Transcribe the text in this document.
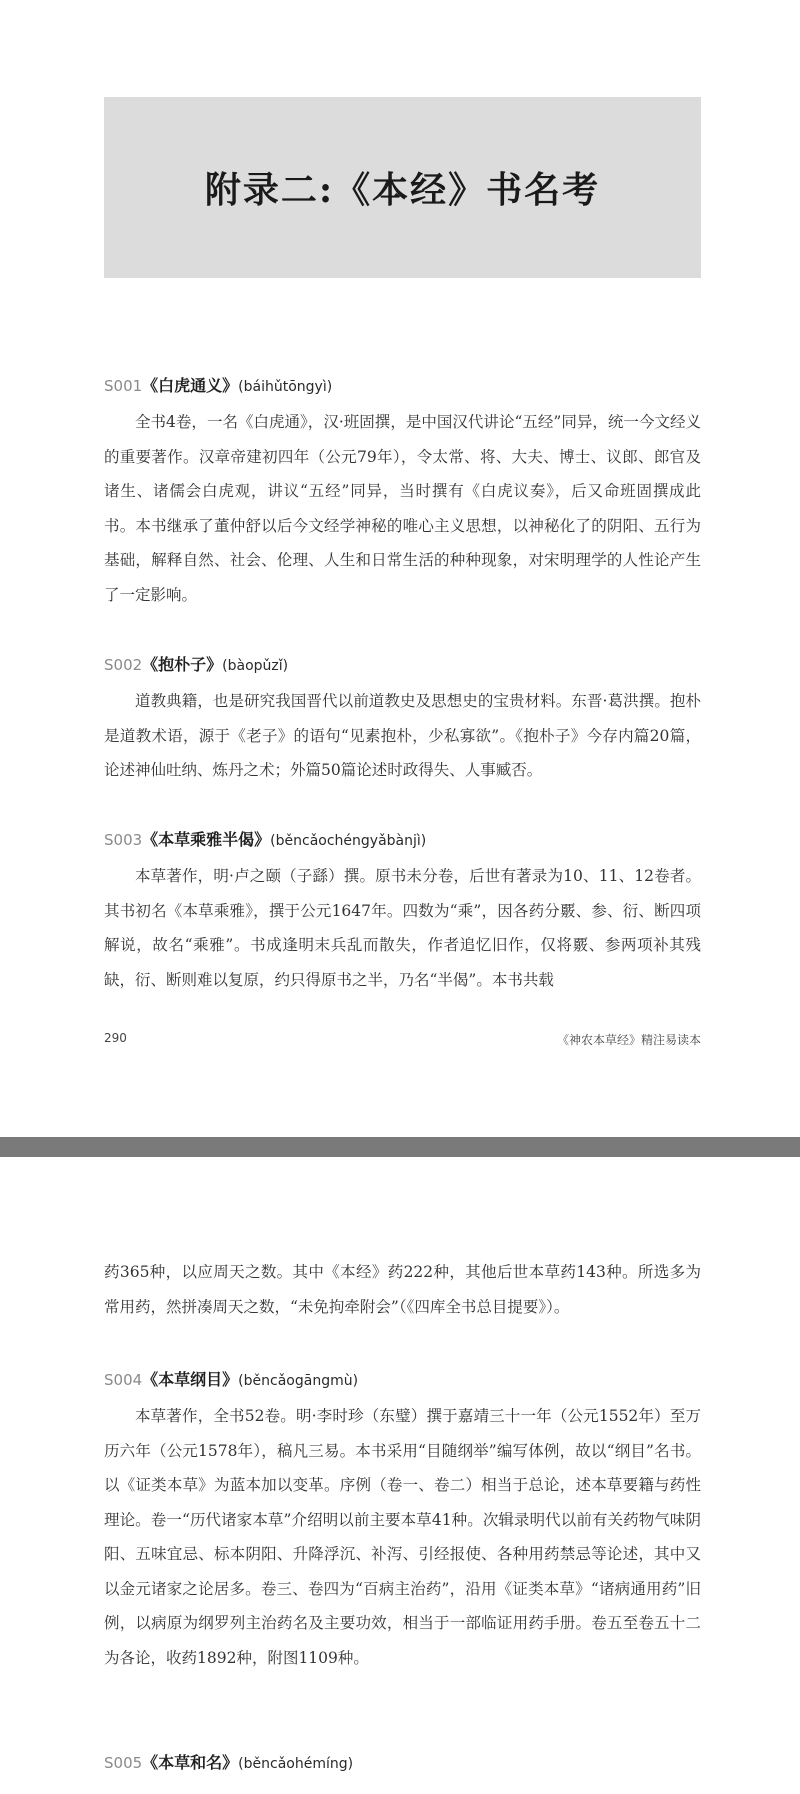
附录二:《本经》书名考
S001《白虎通义》(báihǔtōngyì)

全书4卷，一名《白虎通》，汉·班固撰，是中国汉代讲论“五经”同异，统一今文经义的重要著作。汉章帝建初四年（公元79年），令太常、将、大夫、博士、议郎、郎官及诸生、诸儒会白虎观，讲议“五经”同异，当时撰有《白虎议奏》，后又命班固撰成此书。本书继承了董仲舒以后今文经学神秘的唯心主义思想，以神秘化了的阴阳、五行为基础，解释自然、社会、伦理、人生和日常生活的种种现象，对宋明理学的人性论产生了一定影响。

S002《抱朴子》(bàopǔzǐ)

道教典籍，也是研究我国晋代以前道教史及思想史的宝贵材料。东晋·葛洪撰。抱朴是道教术语，源于《老子》的语句“见素抱朴，少私寡欲”。《抱朴子》今存内篇20篇，论述神仙吐纳、炼丹之术；外篇50篇论述时政得失、人事臧否。

S003《本草乘雅半偈》(běncǎochéngyǎbànjì)

本草著作，明·卢之颐（子繇）撰。原书未分卷，后世有著录为10、11、12卷者。其书初名《本草乘雅》，撰于公元1647年。四数为“乘”，因各药分覈、参、衍、断四项解说，故名“乘雅”。书成逢明末兵乱而散失，作者追忆旧作，仅将覈、参两项补其残缺，衍、断则难以复原，约只得原书之半，乃名“半偈”。本书共载

290	《神农本草经》精注易读本

药365种，以应周天之数。其中《本经》药222种，其他后世本草药143种。所选多为常用药，然拼凑周天之数，“未免拘牵附会”（《四库全书总目提要》）。

S004《本草纲目》(běncǎogāngmù)

本草著作，全书52卷。明·李时珍（东璧）撰于嘉靖三十一年（公元1552年）至万历六年（公元1578年），稿凡三易。本书采用“目随纲举”编写体例，故以“纲目”名书。以《证类本草》为蓝本加以变革。序例（卷一、卷二）相当于总论，述本草要籍与药性理论。卷一“历代诸家本草”介绍明以前主要本草41种。次辑录明代以前有关药物气味阴阳、五味宜忌、标本阴阳、升降浮沉、补泻、引经报使、各种用药禁忌等论述，其中又以金元诸家之论居多。卷三、卷四为“百病主治药”，沿用《证类本草》“诸病通用药”旧例，以病原为纲罗列主治药名及主要功效，相当于一部临证用药手册。卷五至卷五十二为各论，收药1892种，附图1109种。

S005《本草和名》(běncǎohémíng)
